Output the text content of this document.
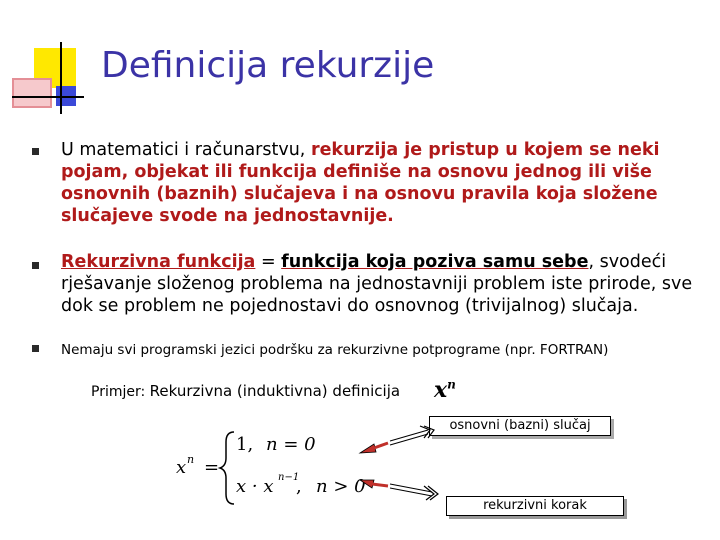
Definicija rekurzije
U matematici i računarstvu, rekurzija je pristup u kojem se neki pojam, objekat ili funkcija definiše na osnovu jednog ili više osnovnih (baznih) slučajeva i na osnovu pravila koja složene slučajeve svode na jednostavnije.
Rekurzivna funkcija = funkcija koja poziva samu sebe, svodeći rješavanje složenog problema na jednostavniji problem iste prirode, sve dok se problem ne pojednostavi do osnovnog (trivijalnog) slučaja.
Nemaju svi programski jezici podršku za rekurzivne potprograme (npr. FORTRAN)
Primjer: Rekurzivna (induktivna) definicija $x^n$
osnovni (bazni) slučaj
rekurzivni korak
x n =
1, n = 0
x · x n−1
, n > 0
